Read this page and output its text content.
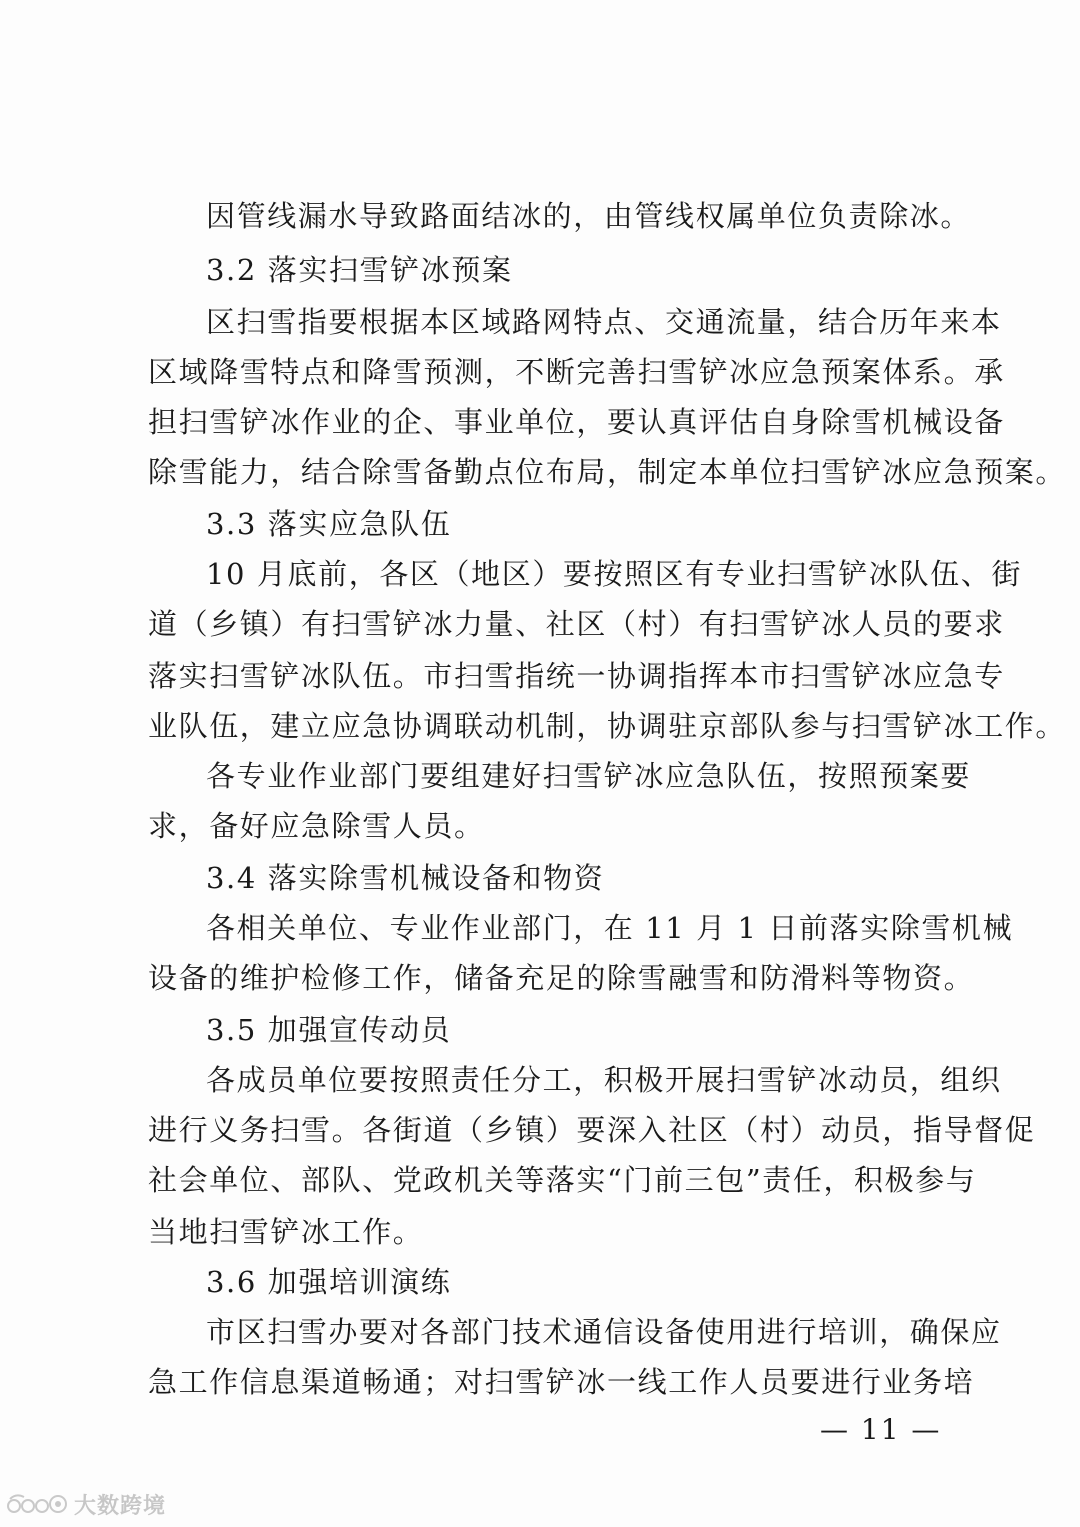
因管线漏水导致路面结冰的，由管线权属单位负责除冰。
3.2 落实扫雪铲冰预案
区扫雪指要根据本区域路网特点、交通流量，结合历年来本
区域降雪特点和降雪预测，不断完善扫雪铲冰应急预案体系。承
担扫雪铲冰作业的企、事业单位，要认真评估自身除雪机械设备
除雪能力，结合除雪备勤点位布局，制定本单位扫雪铲冰应急预案。
3.3 落实应急队伍
10 月底前，各区（地区）要按照区有专业扫雪铲冰队伍、街
道（乡镇）有扫雪铲冰力量、社区（村）有扫雪铲冰人员的要求
落实扫雪铲冰队伍。市扫雪指统一协调指挥本市扫雪铲冰应急专
业队伍，建立应急协调联动机制，协调驻京部队参与扫雪铲冰工作。
各专业作业部门要组建好扫雪铲冰应急队伍，按照预案要
求，备好应急除雪人员。
3.4 落实除雪机械设备和物资
各相关单位、专业作业部门，在 11 月 1 日前落实除雪机械
设备的维护检修工作，储备充足的除雪融雪和防滑料等物资。
3.5 加强宣传动员
各成员单位要按照责任分工，积极开展扫雪铲冰动员，组织
进行义务扫雪。各街道（乡镇）要深入社区（村）动员，指导督促
社会单位、部队、党政机关等落实“门前三包”责任，积极参与
当地扫雪铲冰工作。
3.6 加强培训演练
市区扫雪办要对各部门技术通信设备使用进行培训，确保应
急工作信息渠道畅通；对扫雪铲冰一线工作人员要进行业务培
— 11 —
大数跨境
